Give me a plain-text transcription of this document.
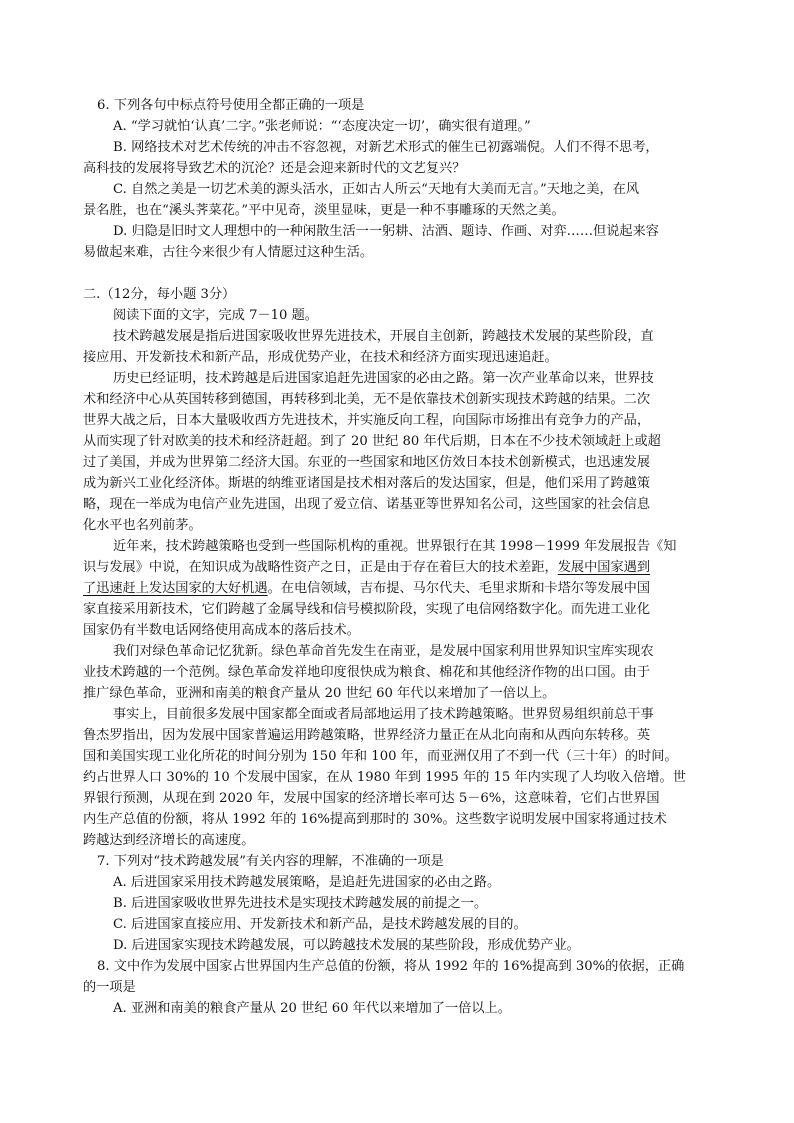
6. 下列各句中标点符号使用全都正确的一项是
A. “学习就怕‘认真’二字。”张老师说：“‘态度决定一切’，确实很有道理。”
B. 网络技术对艺术传统的冲击不容忽视，对新艺术形式的催生已初露端倪。人们不得不思考，
高科技的发展将导致艺术的沉沦？还是会迎来新时代的文艺复兴？
C. 自然之美是一切艺术美的源头活水，正如古人所云“天地有大美而无言。”天地之美，在风
景名胜，也在“溪头荠菜花。”平中见奇，淡里显味，更是一种不事雕琢的天然之美。
D. 归隐是旧时文人理想中的一种闲散生活一一躬耕、沽酒、题诗、作画、对弈……但说起来容
易做起来难，古往今来很少有人情愿过这种生活。
二.（12分，每小题 3分）
阅读下面的文字，完成 7－10 题。
技术跨越发展是指后进国家吸收世界先进技术，开展自主创新，跨越技术发展的某些阶段，直
接应用、开发新技术和新产品，形成优势产业，在技术和经济方面实现迅速追赶。
历史已经证明，技术跨越是后进国家追赶先进国家的必由之路。第一次产业革命以来，世界技
术和经济中心从英国转移到德国，再转移到北美，无不是依靠技术创新实现技术跨越的结果。二次
世界大战之后，日本大量吸收西方先进技术，并实施反向工程，向国际市场推出有竞争力的产品，
从而实现了针对欧美的技术和经济赶超。到了 20 世纪 80 年代后期，日本在不少技术领域赶上或超
过了美国，并成为世界第二经济大国。东亚的一些国家和地区仿效日本技术创新模式，也迅速发展
成为新兴工业化经济体。斯堪的纳维亚诸国是技术相对落后的发达国家，但是，他们采用了跨越策
略，现在一举成为电信产业先进国，出现了爱立信、诺基亚等世界知名公司，这些国家的社会信息
化水平也名列前茅。
近年来，技术跨越策略也受到一些国际机构的重视。世界银行在其 1998－1999 年发展报告《知
识与发展》中说，在知识成为战略性资产之日，正是由于存在着巨大的技术差距，发展中国家遇到
了迅速赶上发达国家的大好机遇。在电信领域，吉布提、马尔代夫、毛里求斯和卡塔尔等发展中国
家直接采用新技术，它们跨越了金属导线和信号模拟阶段，实现了电信网络数字化。而先进工业化
国家仍有半数电话网络使用高成本的落后技术。
我们对绿色革命记忆犹新。绿色革命首先发生在南亚，是发展中国家利用世界知识宝库实现农
业技术跨越的一个范例。绿色革命发祥地印度很快成为粮食、棉花和其他经济作物的出口国。由于
推广绿色革命，亚洲和南美的粮食产量从 20 世纪 60 年代以来增加了一倍以上。
事实上，目前很多发展中国家都全面或者局部地运用了技术跨越策略。世界贸易组织前总干事
鲁杰罗指出，因为发展中国家普遍运用跨越策略，世界经济力量正在从北向南和从西向东转移。英
国和美国实现工业化所花的时间分别为 150 年和 100 年，而亚洲仅用了不到一代（三十年）的时间。
约占世界人口 30%的 10 个发展中国家，在从 1980 年到 1995 年的 15 年内实现了人均收入倍增。世
界银行预测，从现在到 2020 年，发展中国家的经济增长率可达 5－6%，这意味着，它们占世界国
内生产总值的份额，将从 1992 年的 16%提高到那时的 30%。这些数字说明发展中国家将通过技术
跨越达到经济增长的高速度。
7. 下列对“技术跨越发展”有关内容的理解，不准确的一项是
A. 后进国家采用技术跨越发展策略，是追赶先进国家的必由之路。
B. 后进国家吸收世界先进技术是实现技术跨越发展的前提之一。
C. 后进国家直接应用、开发新技术和新产品，是技术跨越发展的目的。
D. 后进国家实现技术跨越发展，可以跨越技术发展的某些阶段，形成优势产业。
8. 文中作为发展中国家占世界国内生产总值的份额，将从 1992 年的 16%提高到 30%的依据，正确
的一项是
A. 亚洲和南美的粮食产量从 20 世纪 60 年代以来增加了一倍以上。
